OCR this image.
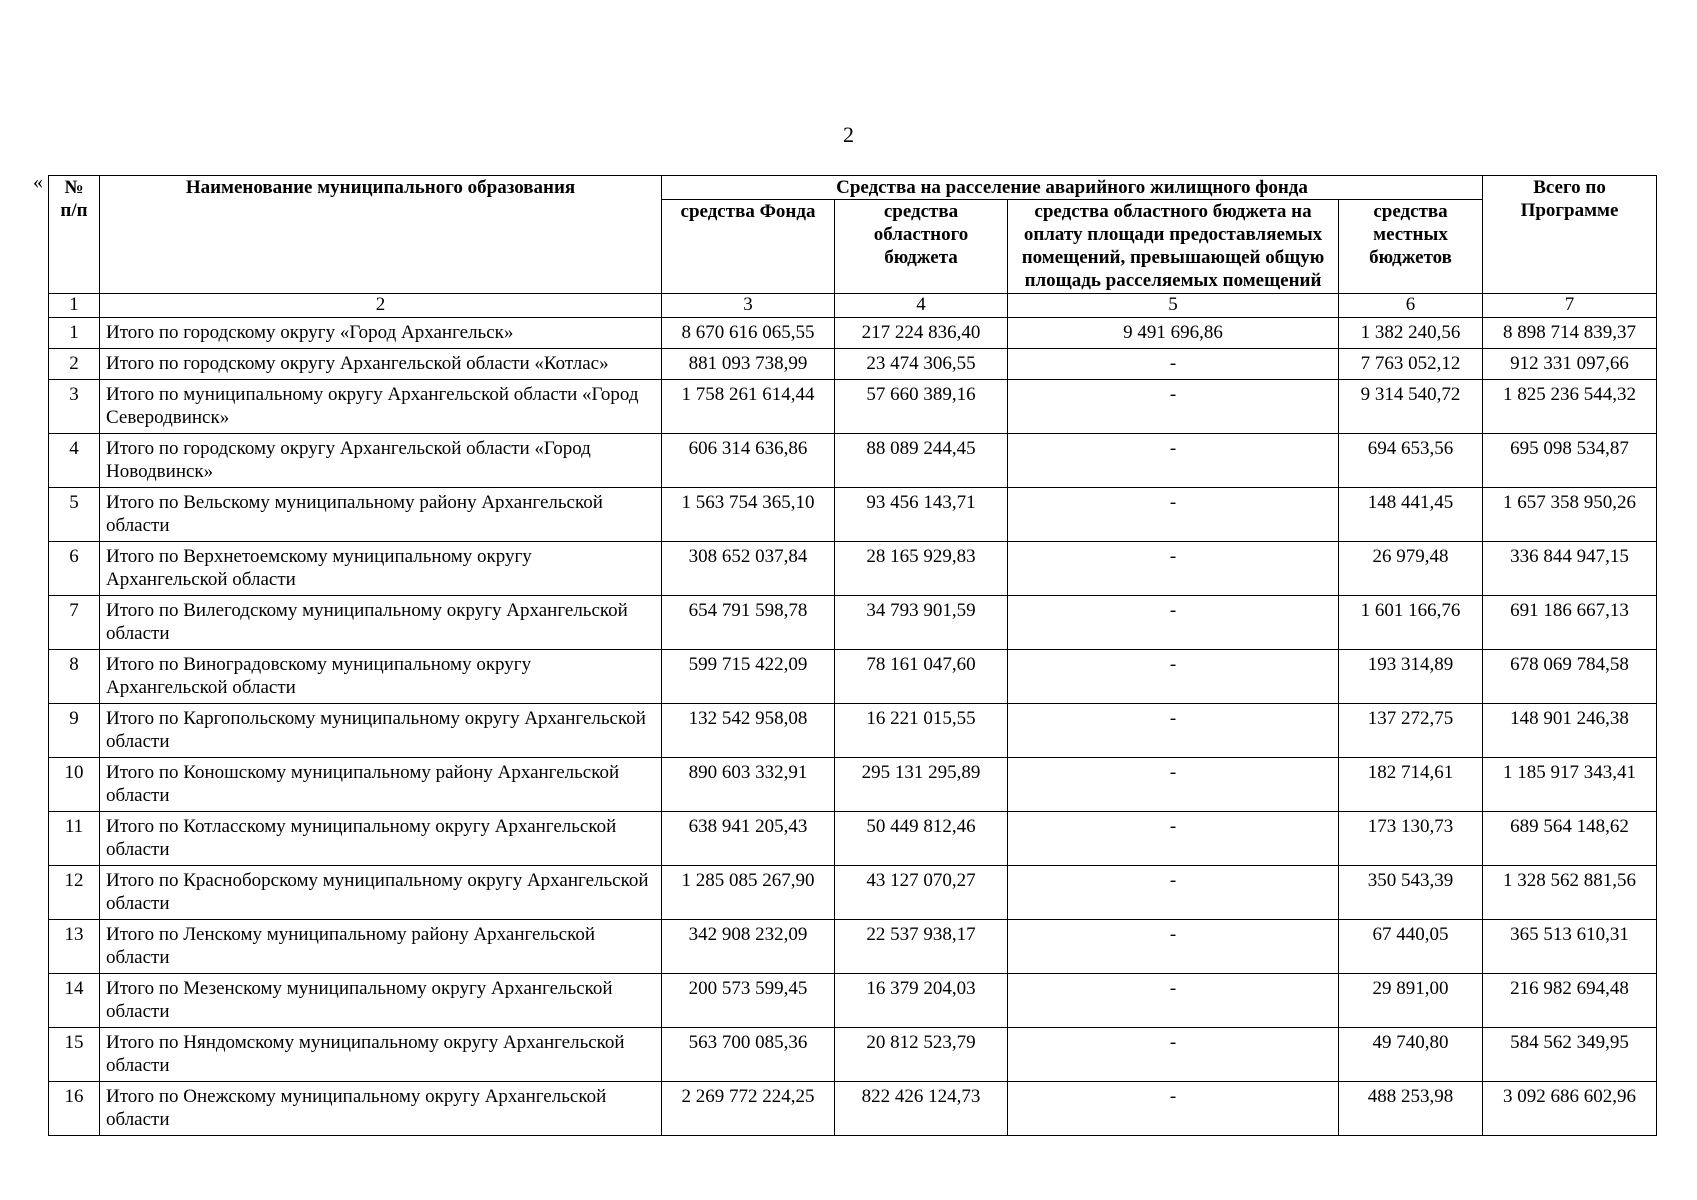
2
« № п/п	Наименование муниципального образования	Средства на расселение аварийного жилищного фонда				Всего по Программе
		средства Фонда	средства областного бюджета	средства областного бюджета на оплату площади предоставляемых помещений, превышающей общую площадь расселяемых помещений	средства местных бюджетов	
1	2	3	4	5	6	7
1	Итого по городскому округу «Город Архангельск»	8 670 616 065,55	217 224 836,40	9 491 696,86	1 382 240,56	8 898 714 839,37
2	Итого по городскому округу Архангельской области «Котлас»	881 093 738,99	23 474 306,55	-	7 763 052,12	912 331 097,66
3	Итого по муниципальному округу Архангельской области «Город Северодвинск»	1 758 261 614,44	57 660 389,16	-	9 314 540,72	1 825 236 544,32
4	Итого по городскому округу Архангельской области «Город Новодвинск»	606 314 636,86	88 089 244,45	-	694 653,56	695 098 534,87
5	Итого по Вельскому муниципальному району Архангельской области	1 563 754 365,10	93 456 143,71	-	148 441,45	1 657 358 950,26
6	Итого по Верхнетоемскому муниципальному округу Архангельской области	308 652 037,84	28 165 929,83	-	26 979,48	336 844 947,15
7	Итого по Вилегодскому муниципальному округу Архангельской области	654 791 598,78	34 793 901,59	-	1 601 166,76	691 186 667,13
8	Итого по Виноградовскому муниципальному округу Архангельской области	599 715 422,09	78 161 047,60	-	193 314,89	678 069 784,58
9	Итого по Каргопольскому муниципальному округу Архангельской области	132 542 958,08	16 221 015,55	-	137 272,75	148 901 246,38
10	Итого по Коношскому муниципальному району Архангельской области	890 603 332,91	295 131 295,89	-	182 714,61	1 185 917 343,41
11	Итого по Котласскому муниципальному округу Архангельской области	638 941 205,43	50 449 812,46	-	173 130,73	689 564 148,62
12	Итого по Красноборскому муниципальному округу Архангельской области	1 285 085 267,90	43 127 070,27	-	350 543,39	1 328 562 881,56
13	Итого по Ленскому муниципальному району Архангельской области	342 908 232,09	22 537 938,17	-	67 440,05	365 513 610,31
14	Итого по Мезенскому муниципальному округу Архангельской области	200 573 599,45	16 379 204,03	-	29 891,00	216 982 694,48
15	Итого по Няндомскому муниципальному округу Архангельской области	563 700 085,36	20 812 523,79	-	49 740,80	584 562 349,95
16	Итого по Онежскому муниципальному округу Архангельской области	2 269 772 224,25	822 426 124,73	-	488 253,98	3 092 686 602,96
